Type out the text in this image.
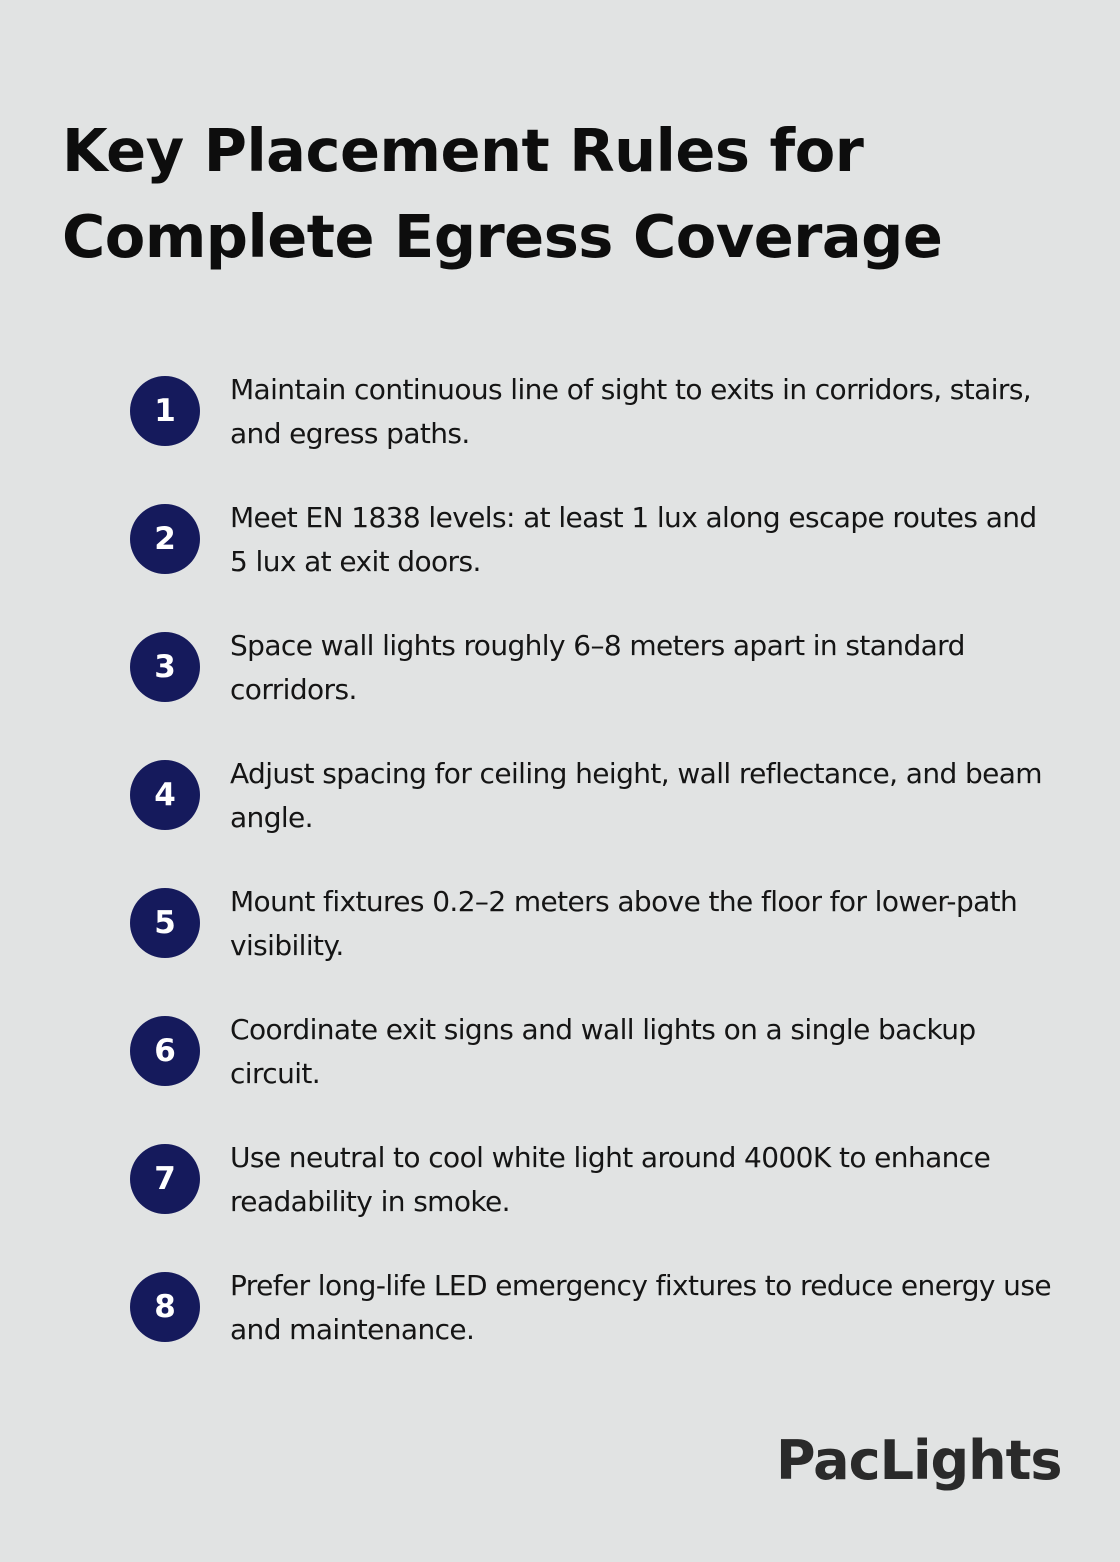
Key Placement Rules for Complete Egress Coverage
1

Maintain continuous line of sight to exits in corridors, stairs, and egress paths.

2

Meet EN 1838 levels: at least 1 lux along escape routes and 5 lux at exit doors.

3

Space wall lights roughly 6–8 meters apart in standard corridors.

4

Adjust spacing for ceiling height, wall reflectance, and beam angle.

5

Mount fixtures 0.2–2 meters above the floor for lower-path visibility.

6

Coordinate exit signs and wall lights on a single backup circuit.

7

Use neutral to cool white light around 4000K to enhance readability in smoke.

8

Prefer long-life LED emergency fixtures to reduce energy use and maintenance.

PacLights
